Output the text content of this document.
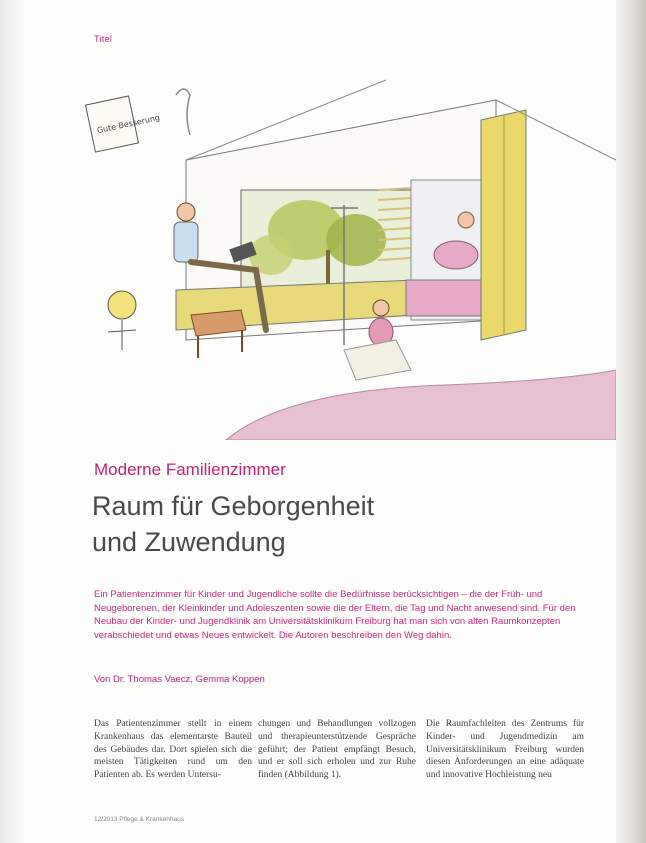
Titel
Gute Besserung
Moderne Familienzimmer
Raum für Geborgenheit
und Zuwendung

Ein Patientenzimmer für Kinder und Jugendliche sollte die Bedürfnisse berücksichtigen – die der Früh- und Neugeborenen, der Kleinkinder und Adoleszenten sowie die der Eltern, die Tag und Nacht anwesend sind. Für den Neubau der Kinder- und Jugendklinik am Universitätsklinikum Freiburg hat man sich von alten Raumkonzepten verabschiedet und etwas Neues entwickelt. Die Autoren beschreiben den Weg dahin.

Von Dr. Thomas Vaecz, Gemma Koppen

Das Patientenzimmer stellt in einem Krankenhaus das elementarste Bauteil des Gebäudes dar. Dort spielen sich die meisten Tätigkeiten rund um den Patienten ab. Es werden Untersu-

chungen und Behandlungen vollzogen und therapieunterstützende Gespräche geführt; der Patient empfängt Besuch, und er soll sich erholen und zur Ruhe finden (Abbildung 1).

Die Raumfachleiten des Zentrums für Kinder- und Jugendmedizin am Universitätsklinikum Freiburg wurden diesen Anforderungen an eine adäquate und innovative Hochleistung neu

12/2013 Pflege & Krankenhaus
